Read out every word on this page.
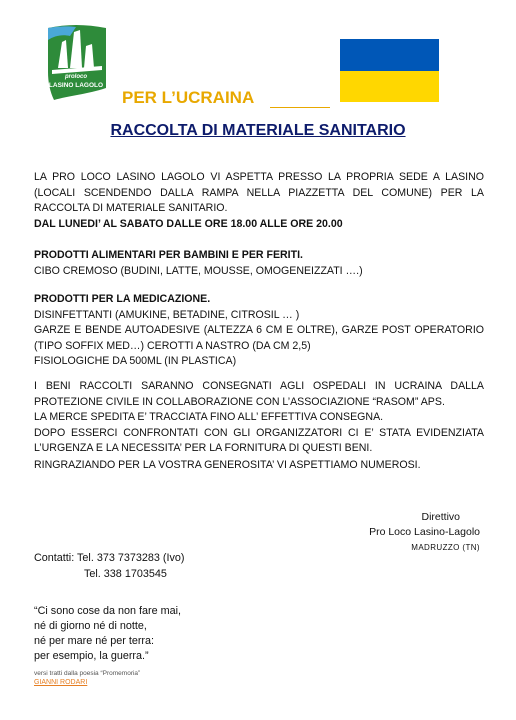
proloco
LASINO LAGOLO
PER L’UCRAINA
RACCOLTA DI MATERIALE SANITARIO

LA PRO LOCO LASINO LAGOLO VI ASPETTA PRESSO LA PROPRIA SEDE A LASINO (LOCALI SCENDENDO DALLA RAMPA NELLA PIAZZETTA DEL COMUNE) PER LA RACCOLTA DI MATERIALE SANITARIO.

DAL LUNEDI’ AL SABATO DALLE ORE 18.00 ALLE ORE 20.00

PRODOTTI ALIMENTARI PER BAMBINI E PER FERITI.

CIBO CREMOSO (BUDINI, LATTE, MOUSSE, OMOGENEIZZATI ….)

PRODOTTI PER LA MEDICAZIONE.

DISINFETTANTI (AMUKINE, BETADINE, CITROSIL … )

GARZE E BENDE AUTOADESIVE (ALTEZZA 6 CM E OLTRE), GARZE POST OPERATORIO (TIPO SOFFIX MED…) CEROTTI A NASTRO (DA CM 2,5)

FISIOLOGICHE DA 500ML (IN PLASTICA)

I BENI RACCOLTI SARANNO CONSEGNATI AGLI OSPEDALI IN UCRAINA DALLA PROTEZIONE CIVILE IN COLLABORAZIONE CON L’ASSOCIAZIONE “RASOM” APS.

LA MERCE SPEDITA E’ TRACCIATA FINO ALL’ EFFETTIVA CONSEGNA.

DOPO ESSERCI CONFRONTATI CON GLI ORGANIZZATORI CI E’ STATA EVIDENZIATA L’URGENZA E LA NECESSITA’ PER LA FORNITURA DI QUESTI BENI.

RINGRAZIANDO PER LA VOSTRA GENEROSITA’ VI ASPETTIAMO NUMEROSI.

Direttivo
Pro Loco Lasino-Lagolo
MADRUZZO (TN)
Contatti: Tel. 373 7373283 (Ivo)
Tel. 338 1703545
“Ci sono cose da non fare mai,
né di giorno né di notte,
né per mare né per terra:
per esempio, la guerra.”
versi tratti dalla poesia “Promemoria”
GIANNI RODARI
